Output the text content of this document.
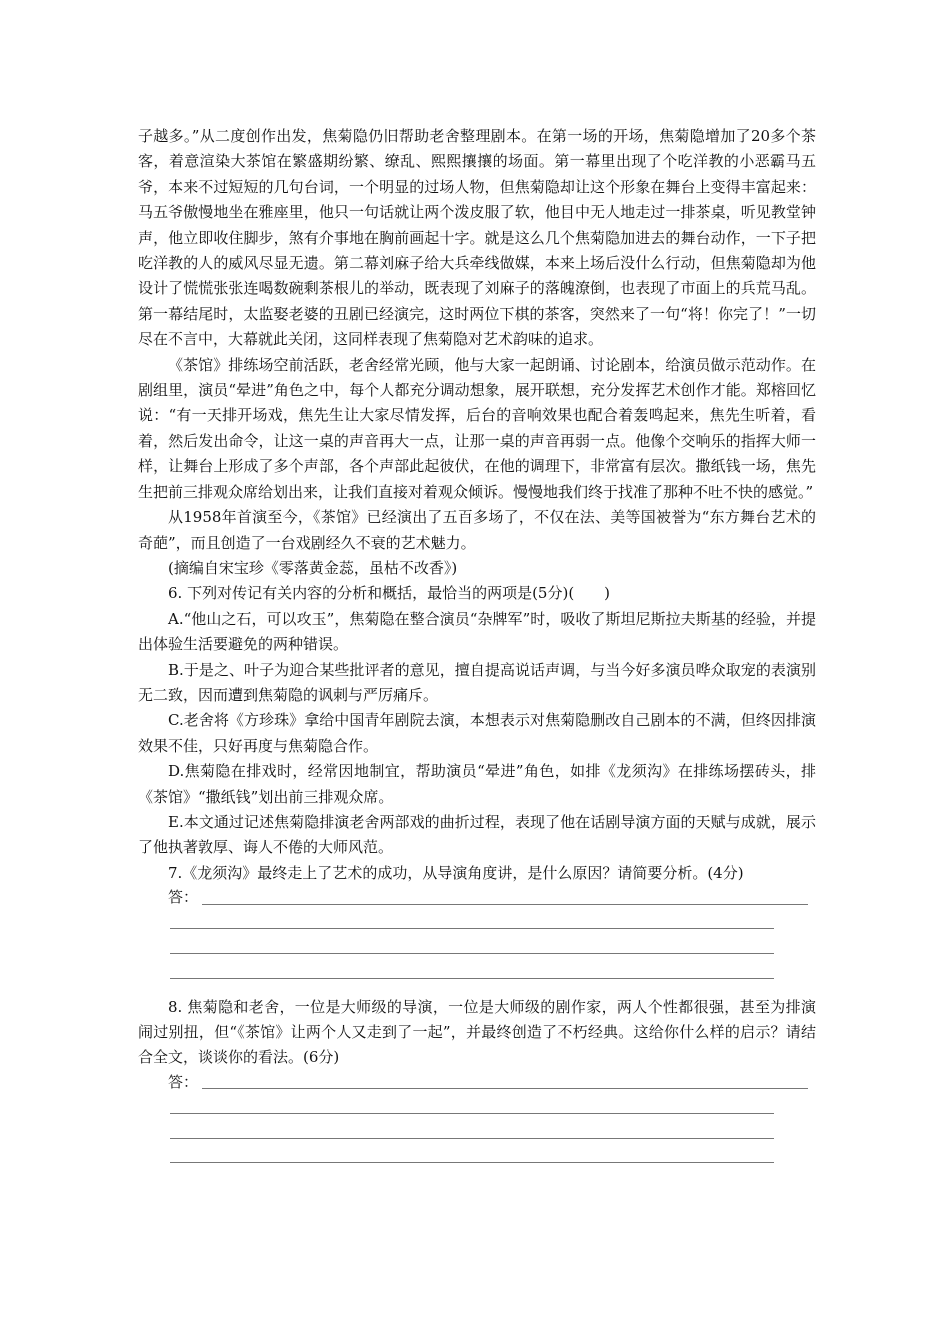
子越多。”从二度创作出发，焦菊隐仍旧帮助老舍整理剧本。在第一场的开场，焦菊隐增加了20多个茶客，着意渲染大茶馆在繁盛期纷繁、缭乱、熙熙攘攘的场面。第一幕里出现了个吃洋教的小恶霸马五爷，本来不过短短的几句台词，一个明显的过场人物，但焦菊隐却让这个形象在舞台上变得丰富起来：马五爷傲慢地坐在雅座里，他只一句话就让两个泼皮服了软，他目中无人地走过一排茶桌，听见教堂钟声，他立即收住脚步，煞有介事地在胸前画起十字。就是这么几个焦菊隐加进去的舞台动作，一下子把吃洋教的人的威风尽显无遗。第二幕刘麻子给大兵牵线做媒，本来上场后没什么行动，但焦菊隐却为他设计了慌慌张张连喝数碗剩茶根儿的举动，既表现了刘麻子的落魄潦倒，也表现了市面上的兵荒马乱。第一幕结尾时，太监娶老婆的丑剧已经演完，这时两位下棋的茶客，突然来了一句“将！你完了！”一切尽在不言中，大幕就此关闭，这同样表现了焦菊隐对艺术韵味的追求。

《茶馆》排练场空前活跃，老舍经常光顾，他与大家一起朗诵、讨论剧本，给演员做示范动作。在剧组里，演员“晕进”角色之中，每个人都充分调动想象，展开联想，充分发挥艺术创作才能。郑榕回忆说：“有一天排开场戏，焦先生让大家尽情发挥，后台的音响效果也配合着轰鸣起来，焦先生听着，看着，然后发出命令，让这一桌的声音再大一点，让那一桌的声音再弱一点。他像个交响乐的指挥大师一样，让舞台上形成了多个声部，各个声部此起彼伏，在他的调理下，非常富有层次。撒纸钱一场，焦先生把前三排观众席给划出来，让我们直接对着观众倾诉。慢慢地我们终于找准了那种不吐不快的感觉。”

从1958年首演至今，《茶馆》已经演出了五百多场了，不仅在法、美等国被誉为“东方舞台艺术的奇葩”，而且创造了一台戏剧经久不衰的艺术魅力。

(摘编自宋宝珍《零落黄金蕊，虽枯不改香》)

6. 下列对传记有关内容的分析和概括，最恰当的两项是(5分)(　　)

A.“他山之石，可以攻玉”，焦菊隐在整合演员“杂牌军”时，吸收了斯坦尼斯拉夫斯基的经验，并提出体验生活要避免的两种错误。

B.于是之、叶子为迎合某些批评者的意见，擅自提高说话声调，与当今好多演员哗众取宠的表演别无二致，因而遭到焦菊隐的讽刺与严厉痛斥。

C.老舍将《方珍珠》拿给中国青年剧院去演，本想表示对焦菊隐删改自己剧本的不满，但终因排演效果不佳，只好再度与焦菊隐合作。

D.焦菊隐在排戏时，经常因地制宜，帮助演员“晕进”角色，如排《龙须沟》在排练场摆砖头，排《茶馆》“撒纸钱”划出前三排观众席。

E.本文通过记述焦菊隐排演老舍两部戏的曲折过程，表现了他在话剧导演方面的天赋与成就，展示了他执著敦厚、诲人不倦的大师风范。

7.《龙须沟》最终走上了艺术的成功，从导演角度讲，是什么原因？请简要分析。(4分)

答：

8. 焦菊隐和老舍，一位是大师级的导演，一位是大师级的剧作家，两人个性都很强，甚至为排演闹过别扭，但“《茶馆》让两个人又走到了一起”，并最终创造了不朽经典。这给你什么样的启示？请结合全文，谈谈你的看法。(6分)

答：
